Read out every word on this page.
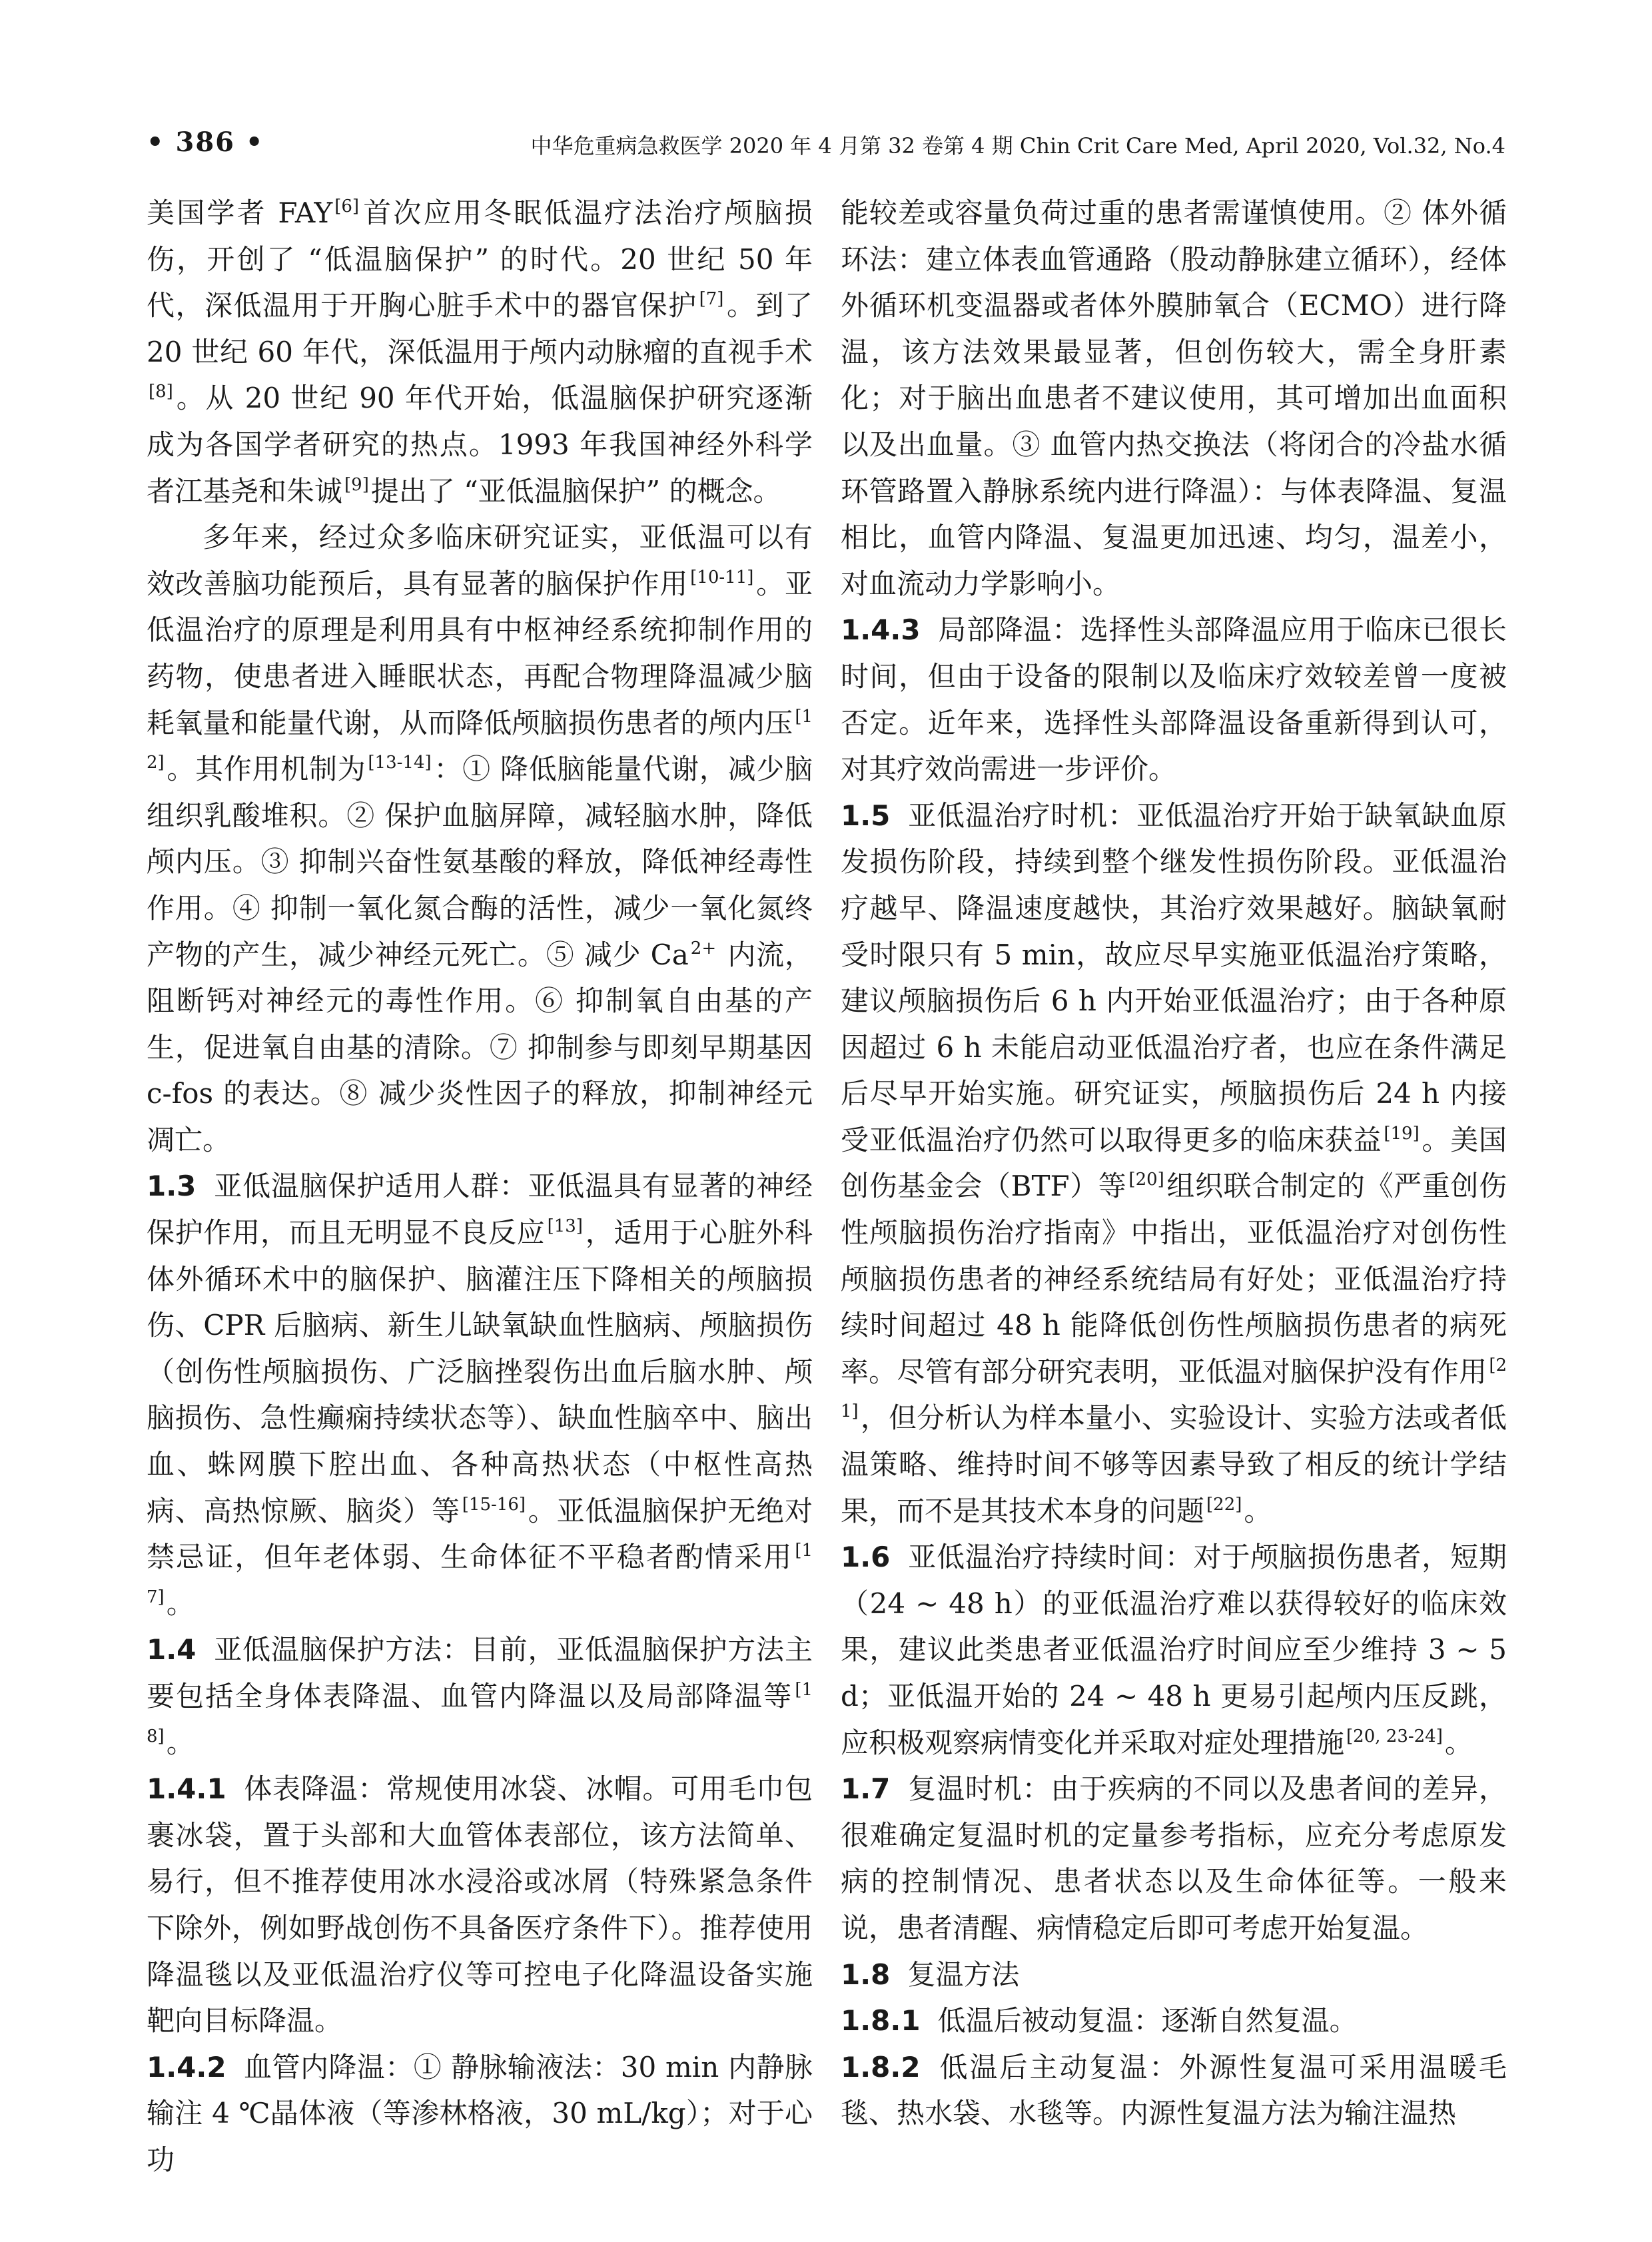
• 386 •	中华危重病急救医学 2020 年 4 月第 32 卷第 4 期 Chin Crit Care Med, April 2020, Vol.32, No.4

美国学者 FAY [6]首次应用冬眠低温疗法治疗颅脑损伤，开创了 “低温脑保护” 的时代。20 世纪 50 年代，深低温用于开胸心脏手术中的器官保护 [7]。到了 20 世纪 60 年代，深低温用于颅内动脉瘤的直视手术[8]。从 20 世纪 90 年代开始，低温脑保护研究逐渐成为各国学者研究的热点。1993 年我国神经外科学者江基尧和朱诚 [9]提出了 “亚低温脑保护” 的概念。

多年来，经过众多临床研究证实，亚低温可以有效改善脑功能预后，具有显著的脑保护作用 [10-11]。亚低温治疗的原理是利用具有中枢神经系统抑制作用的药物，使患者进入睡眠状态，再配合物理降温减少脑耗氧量和能量代谢，从而降低颅脑损伤患者的颅内压 [12]。其作用机制为 [13-14]：① 降低脑能量代谢，减少脑组织乳酸堆积。② 保护血脑屏障，减轻脑水肿，降低颅内压。③ 抑制兴奋性氨基酸的释放，降低神经毒性作用。④ 抑制一氧化氮合酶的活性，减少一氧化氮终产物的产生，减少神经元死亡。⑤ 减少 Ca $^{2+}$ 内流，阻断钙对神经元的毒性作用。⑥ 抑制氧自由基的产生，促进氧自由基的清除。⑦ 抑制参与即刻早期基因 c-fos 的表达。⑧ 减少炎性因子的释放，抑制神经元凋亡。

1.3 亚低温脑保护适用人群：亚低温具有显著的神经保护作用，而且无明显不良反应 [13]，适用于心脏外科体外循环术中的脑保护、脑灌注压下降相关的颅脑损伤、CPR 后脑病、新生儿缺氧缺血性脑病、颅脑损伤（创伤性颅脑损伤、广泛脑挫裂伤出血后脑水肿、颅脑损伤、急性癫痫持续状态等）、缺血性脑卒中、脑出血、蛛网膜下腔出血、各种高热状态（中枢性高热病、高热惊厥、脑炎）等 [15-16]。亚低温脑保护无绝对禁忌证，但年老体弱、生命体征不平稳者酌情采用 [17]。

1.4 亚低温脑保护方法：目前，亚低温脑保护方法主要包括全身体表降温、血管内降温以及局部降温等 [18]。

1.4.1 体表降温：常规使用冰袋、冰帽。可用毛巾包裹冰袋，置于头部和大血管体表部位，该方法简单、易行，但不推荐使用冰水浸浴或冰屑（特殊紧急条件下除外，例如野战创伤不具备医疗条件下）。推荐使用降温毯以及亚低温治疗仪等可控电子化降温设备实施靶向目标降温。

1.4.2 血管内降温：① 静脉输液法：30 min 内静脉输注 4 ℃晶体液（等渗林格液，30 mL/kg）；对于心功

能较差或容量负荷过重的患者需谨慎使用。② 体外循环法：建立体表血管通路（股动静脉建立循环），经体外循环机变温器或者体外膜肺氧合（ECMO）进行降温，该方法效果最显著，但创伤较大，需全身肝素化；对于脑出血患者不建议使用，其可增加出血面积以及出血量。③ 血管内热交换法（将闭合的冷盐水循环管路置入静脉系统内进行降温）：与体表降温、复温相比，血管内降温、复温更加迅速、均匀，温差小，对血流动力学影响小。

1.4.3 局部降温：选择性头部降温应用于临床已很长时间，但由于设备的限制以及临床疗效较差曾一度被否定。近年来，选择性头部降温设备重新得到认可，对其疗效尚需进一步评价。

1.5 亚低温治疗时机：亚低温治疗开始于缺氧缺血原发损伤阶段，持续到整个继发性损伤阶段。亚低温治疗越早、降温速度越快，其治疗效果越好。脑缺氧耐受时限只有 5 min，故应尽早实施亚低温治疗策略，建议颅脑损伤后 6 h 内开始亚低温治疗；由于各种原因超过 6 h 未能启动亚低温治疗者，也应在条件满足后尽早开始实施。研究证实，颅脑损伤后 24 h 内接受亚低温治疗仍然可以取得更多的临床获益 [19]。美国创伤基金会（BTF）等 [20]组织联合制定的《严重创伤性颅脑损伤治疗指南》中指出，亚低温治疗对创伤性颅脑损伤患者的神经系统结局有好处；亚低温治疗持续时间超过 48 h 能降低创伤性颅脑损伤患者的病死率。尽管有部分研究表明，亚低温对脑保护没有作用 [21]，但分析认为样本量小、实验设计、实验方法或者低温策略、维持时间不够等因素导致了相反的统计学结果，而不是其技术本身的问题 [22]。

1.6 亚低温治疗持续时间：对于颅脑损伤患者，短期（24 ~ 48 h）的亚低温治疗难以获得较好的临床效果，建议此类患者亚低温治疗时间应至少维持 3 ~ 5 d；亚低温开始的 24 ~ 48 h 更易引起颅内压反跳，应积极观察病情变化并采取对症处理措施 [20, 23-24]。

1.7 复温时机：由于疾病的不同以及患者间的差异，很难确定复温时机的定量参考指标，应充分考虑原发病的控制情况、患者状态以及生命体征等。一般来说，患者清醒、病情稳定后即可考虑开始复温。

1.8 复温方法

1.8.1 低温后被动复温：逐渐自然复温。

1.8.2 低温后主动复温：外源性复温可采用温暖毛毯、热水袋、水毯等。内源性复温方法为输注温热
